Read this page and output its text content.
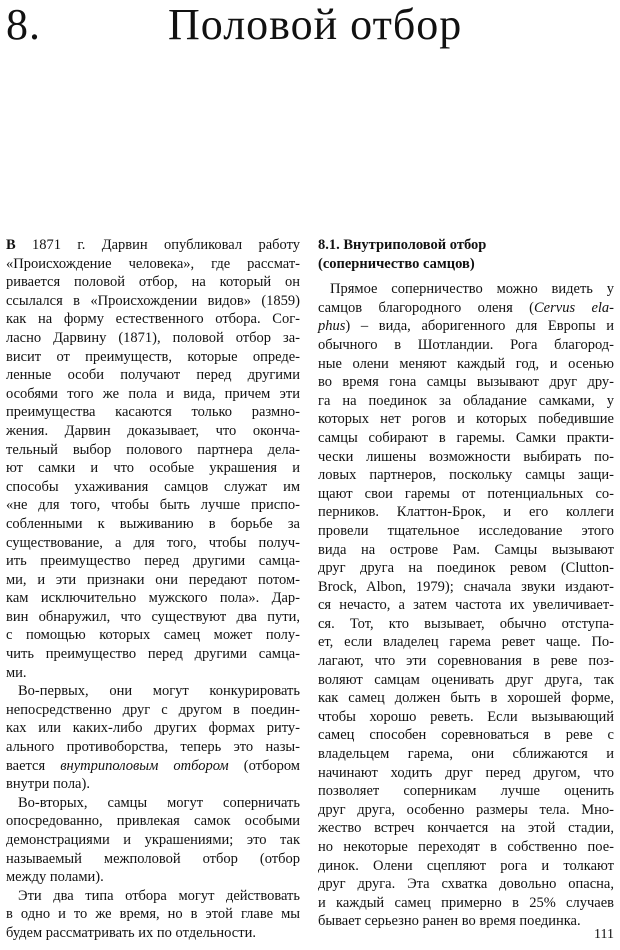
8.	Половой отбор
В 1871 г. Дарвин опубликовал работу
«Происхождение человека», где рассмат-
ривается половой отбор, на который он
ссылался в «Происхождении видов» (1859)
как на форму естественного отбора. Сог-
ласно Дарвину (1871), половой отбор за-
висит от преимуществ, которые опреде-
ленные особи получают перед другими
особями того же пола и вида, причем эти
преимущества касаются только размно-
жения. Дарвин доказывает, что оконча-
тельный выбор полового партнера дела-
ют самки и что особые украшения и
способы ухаживания самцов служат им
«не для того, чтобы быть лучше приспо-
собленными к выживанию в борьбе за
существование, а для того, чтобы получ-
ить преимущество перед другими самца-
ми, и эти признаки они передают потом-
кам исключительно мужского пола». Дар-
вин обнаружил, что существуют два пути,
с помощью которых самец может полу-
чить преимущество перед другими самца-
ми.
Во-первых, они могут конкурировать
непосредственно друг с другом в поедин-
ках или каких-либо других формах риту-
ального противоборства, теперь это назы-
вается внутриполовым отбором (отбором
внутри пола).
Во-вторых, самцы могут соперничать
опосредованно, привлекая самок особыми
демонстрациями и украшениями; это так
называемый межполовой отбор (отбор
между полами).
Эти два типа отбора могут действовать
в одно и то же время, но в этой главе мы
будем рассматривать их по отдельности.
8.1. Внутриполовой отбор
(соперничество самцов)
Прямое соперничество можно видеть у
самцов благородного оленя (Cervus ela-
phus) – вида, аборигенного для Европы и
обычного в Шотландии. Рога благород-
ные олени меняют каждый год, и осенью
во время гона самцы вызывают друг дру-
га на поединок за обладание самками, у
которых нет рогов и которых победившие
самцы собирают в гаремы. Самки практи-
чески лишены возможности выбирать по-
ловых партнеров, поскольку самцы защи-
щают свои гаремы от потенциальных со-
перников. Клаттон-Брок, и его коллеги
провели тщательное исследование этого
вида на острове Рам. Самцы вызывают
друг друга на поединок ревом (Clutton-
Brock, Albon, 1979); сначала звуки издают-
ся нечасто, а затем частота их увеличивает-
ся. Тот, кто вызывает, обычно отступа-
ет, если владелец гарема ревет чаще. По-
лагают, что эти соревнования в реве поз-
воляют самцам оценивать друг друга, так
как самец должен быть в хорошей форме,
чтобы хорошо реветь. Если вызывающий
самец способен соревноваться в реве с
владельцем гарема, они сближаются и
начинают ходить друг перед другом, что
позволяет соперникам лучше оценить
друг друга, особенно размеры тела. Мно-
жество встреч кончается на этой стадии,
но некоторые переходят в собственно пое-
динок. Олени сцепляют рога и толкают
друг друга. Эта схватка довольно опасна,
и каждый самец примерно в 25% случаев
бывает серьезно ранен во время поединка.
111
